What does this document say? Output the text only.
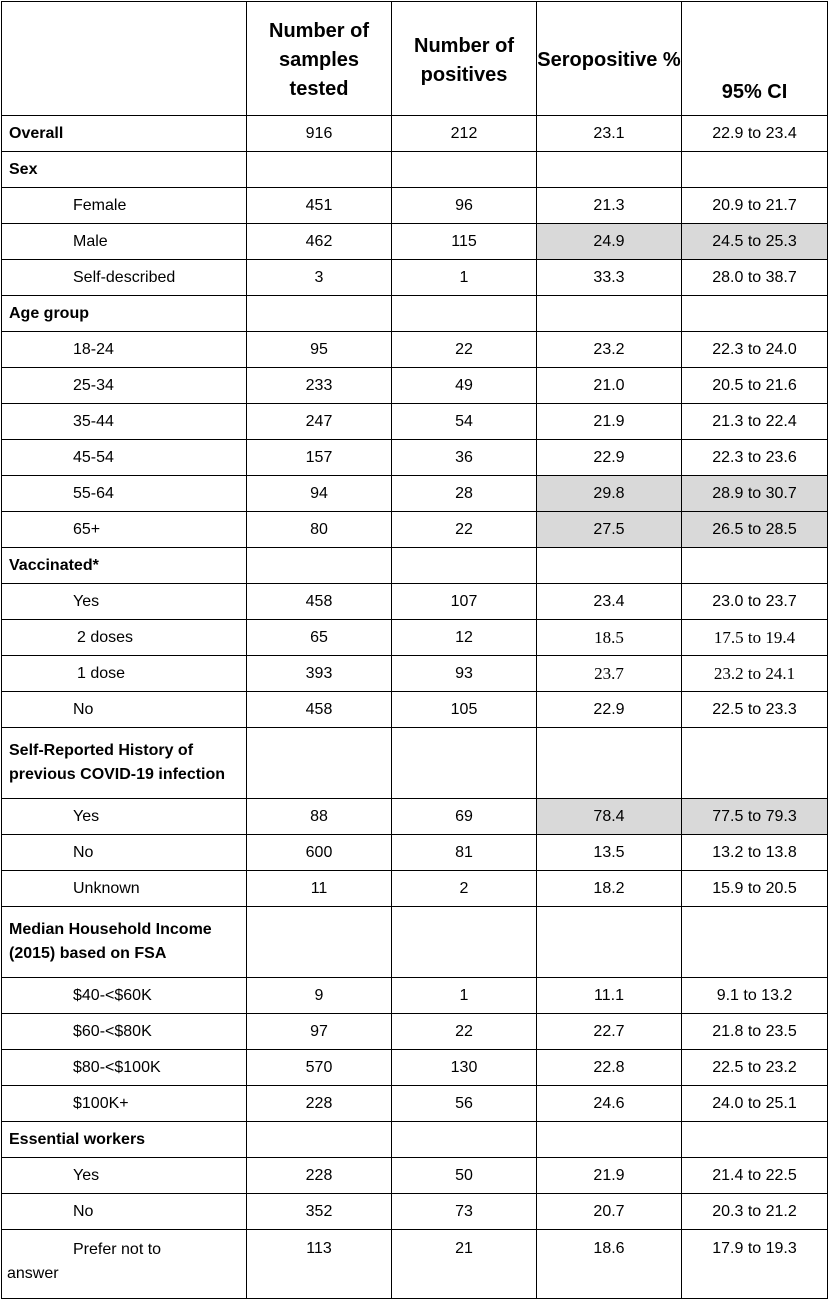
	Number of samples tested	Number of positives	Seropositive %	95% CI
Overall	916	212	23.1	22.9 to 23.4
Sex				
Female	451	96	21.3	20.9 to 21.7
Male	462	115	24.9	24.5 to 25.3
Self-described	3	1	33.3	28.0 to 38.7
Age group				
18-24	95	22	23.2	22.3 to 24.0
25-34	233	49	21.0	20.5 to 21.6
35-44	247	54	21.9	21.3 to 22.4
45-54	157	36	22.9	22.3 to 23.6
55-64	94	28	29.8	28.9 to 30.7
65+	80	22	27.5	26.5 to 28.5
Vaccinated*				
Yes	458	107	23.4	23.0 to 23.7
2 doses	65	12	18.5	17.5 to 19.4
1 dose	393	93	23.7	23.2 to 24.1
No	458	105	22.9	22.5 to 23.3
Self-Reported History of
previous COVID-19 infection				
Yes	88	69	78.4	77.5 to 79.3
No	600	81	13.5	13.2 to 13.8
Unknown	11	2	18.2	15.9 to 20.5
Median Household Income
(2015) based on FSA				
$40-<$60K	9	1	11.1	9.1 to 13.2
$60-<$80K	97	22	22.7	21.8 to 23.5
$80-<$100K	570	130	22.8	22.5 to 23.2
$100K+	228	56	24.6	24.0 to 25.1
Essential workers				
Yes	228	50	21.9	21.4 to 22.5
No	352	73	20.7	20.3 to 21.2

Prefer not to
answer	113	21	18.6	17.9 to 19.3
